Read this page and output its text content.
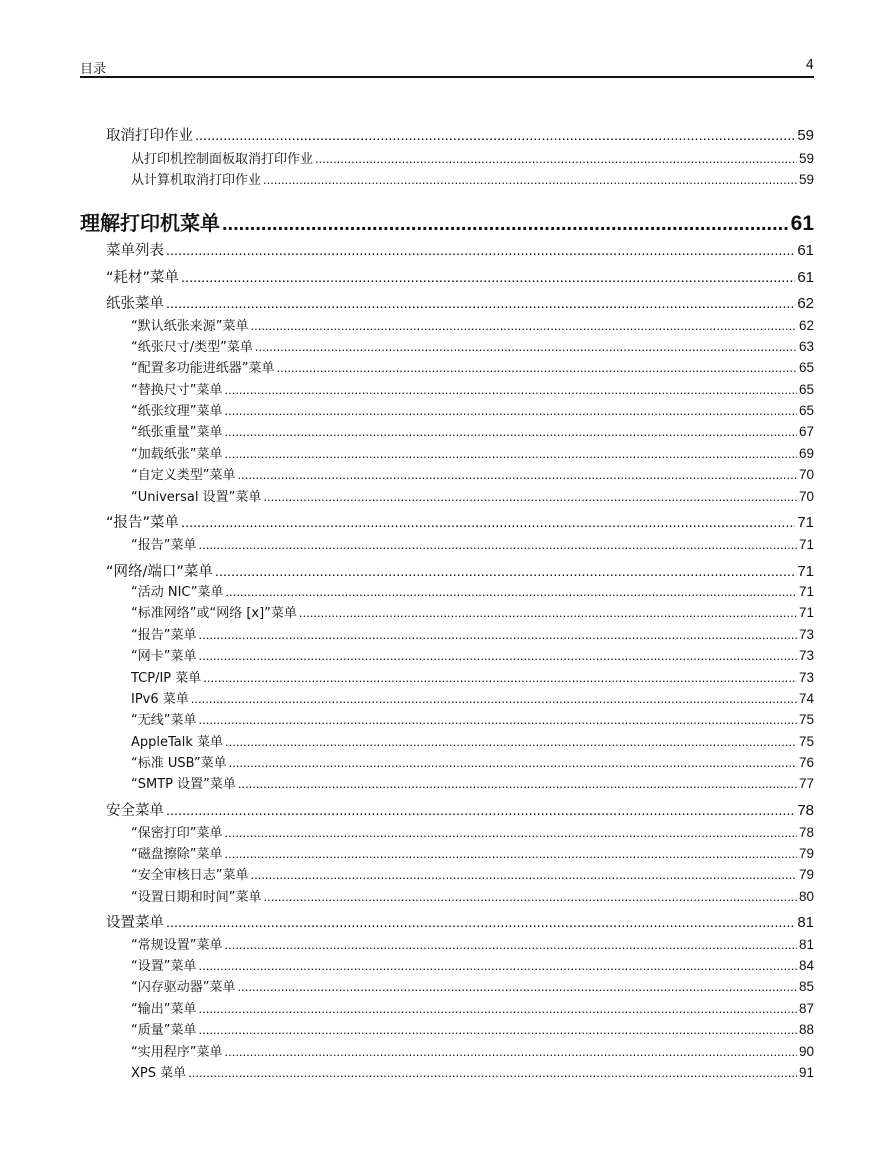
目录	4
取消打印作业 .....	59
从打印机控制面板取消打印作业 .....	59
从计算机取消打印作业 .....	59
理解打印机菜单 .....	61
菜单列表 .....	61
“耗材”菜单 .....	61
纸张菜单 .....	62
“默认纸张来源”菜单 .....	62
“纸张尺寸/类型”菜单 .....	63
“配置多功能进纸器”菜单 .....	65
“替换尺寸”菜单 .....	65
“纸张纹理”菜单 .....	65
“纸张重量”菜单 .....	67
“加载纸张”菜单 .....	69
“自定义类型”菜单 .....	70
“Universal 设置”菜单 .....	70
“报告”菜单 .....	71
“报告”菜单 .....	71
“网络/端口”菜单 .....	71
“活动 NIC”菜单 .....	71
“标准网络”或“网络 [x]”菜单 .....	71
“报告”菜单 .....	73
“网卡”菜单 .....	73
TCP/IP 菜单 .....	73
IPv6 菜单 .....	74
“无线”菜单 .....	75
AppleTalk 菜单 .....	75
“标准 USB”菜单 .....	76
“SMTP 设置”菜单 .....	77
安全菜单 .....	78
“保密打印”菜单 .....	78
“磁盘擦除”菜单 .....	79
“安全审核日志”菜单 .....	79
“设置日期和时间”菜单 .....	80
设置菜单 .....	81
“常规设置”菜单 .....	81
“设置”菜单 .....	84
“闪存驱动器”菜单 .....	85
“输出”菜单 .....	87
“质量”菜单 .....	88
“实用程序”菜单 .....	90
XPS 菜单 .....	91
